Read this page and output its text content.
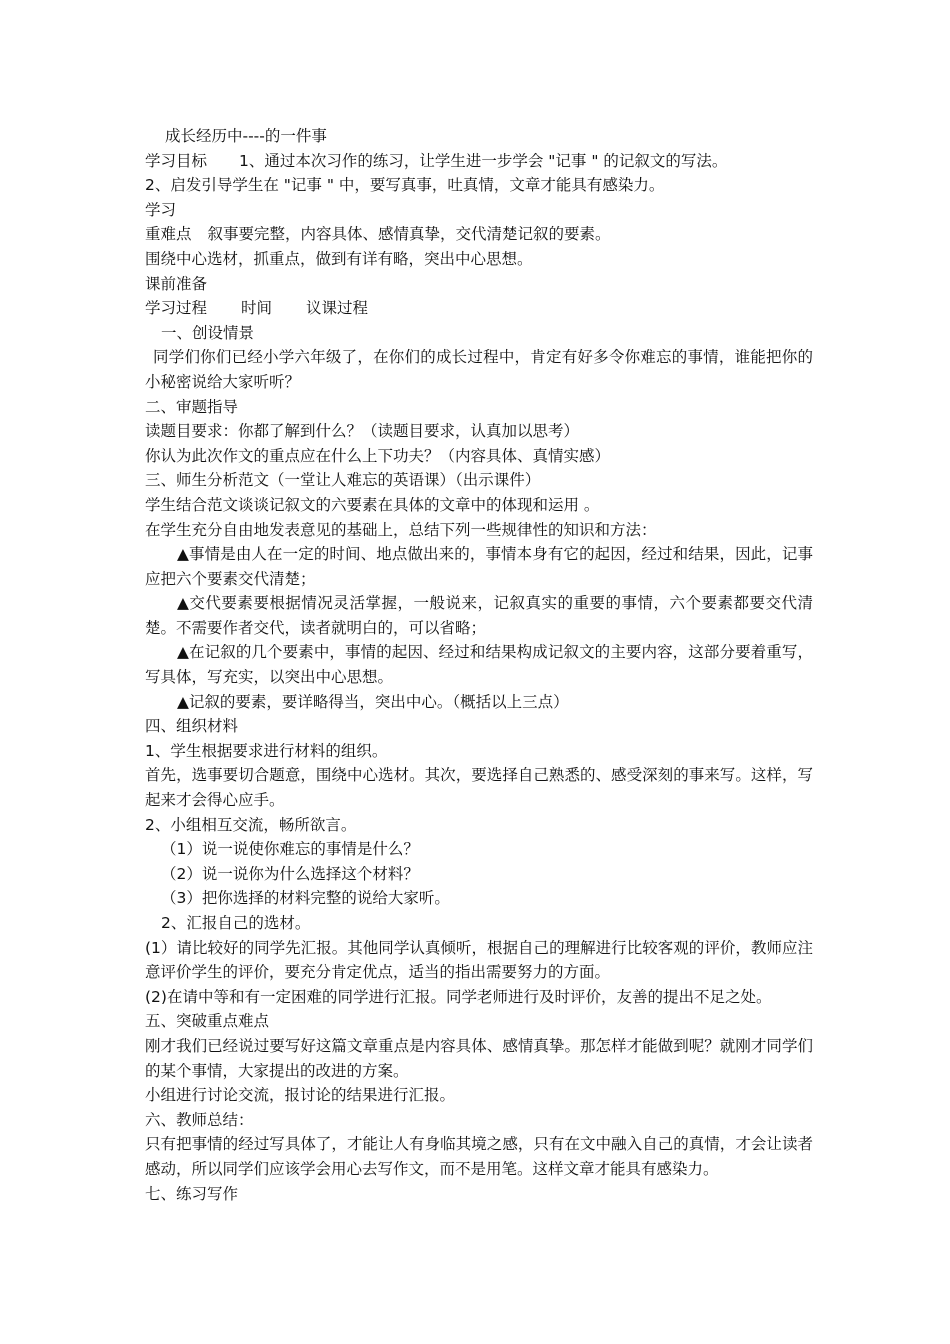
成长经历中----的一件事
学习目标 1、通过本次习作的练习，让学生进一步学会 "记事 " 的记叙文的写法。
2、启发引导学生在 "记事 " 中，要写真事，吐真情，文章才能具有感染力。
学习
重难点 叙事要完整，内容具体、感情真挚，交代清楚记叙的要素。
围绕中心选材，抓重点，做到有详有略，突出中心思想。
课前准备
学习过程 时间 议课过程
一、创设情景
同学们你们已经小学六年级了，在你们的成长过程中，肯定有好多令你难忘的事情，谁能把你的小秘密说给大家听听？
二、审题指导
读题目要求：你都了解到什么？（读题目要求，认真加以思考）
你认为此次作文的重点应在什么上下功夫？（内容具体、真情实感）
三、师生分析范文（一堂让人难忘的英语课）（出示课件）
学生结合范文谈谈记叙文的六要素在具体的文章中的体现和运用 。
在学生充分自由地发表意见的基础上，总结下列一些规律性的知识和方法：
▲事情是由人在一定的时间、地点做出来的，事情本身有它的起因，经过和结果，因此，记事应把六个要素交代清楚；
▲交代要素要根据情况灵活掌握，一般说来，记叙真实的重要的事情，六个要素都要交代清楚。不需要作者交代，读者就明白的，可以省略；
▲在记叙的几个要素中，事情的起因、经过和结果构成记叙文的主要内容，这部分要着重写，写具体，写充实，以突出中心思想。
▲记叙的要素，要详略得当，突出中心。（概括以上三点）
四、组织材料
1、学生根据要求进行材料的组织。
首先，选事要切合题意，围绕中心选材。其次，要选择自己熟悉的、感受深刻的事来写。这样，写起来才会得心应手。
2、小组相互交流，畅所欲言。
（1）说一说使你难忘的事情是什么？
（2）说一说你为什么选择这个材料？
（3）把你选择的材料完整的说给大家听。
2、汇报自己的选材。
(1）请比较好的同学先汇报。其他同学认真倾听，根据自己的理解进行比较客观的评价，教师应注意评价学生的评价，要充分肯定优点，适当的指出需要努力的方面。
(2)在请中等和有一定困难的同学进行汇报。同学老师进行及时评价，友善的提出不足之处。
五、突破重点难点
刚才我们已经说过要写好这篇文章重点是内容具体、感情真挚。那怎样才能做到呢？就刚才同学们的某个事情，大家提出的改进的方案。
小组进行讨论交流，报讨论的结果进行汇报。
六、教师总结：
只有把事情的经过写具体了，才能让人有身临其境之感，只有在文中融入自己的真情，才会让读者感动，所以同学们应该学会用心去写作文，而不是用笔。这样文章才能具有感染力。
七、练习写作
